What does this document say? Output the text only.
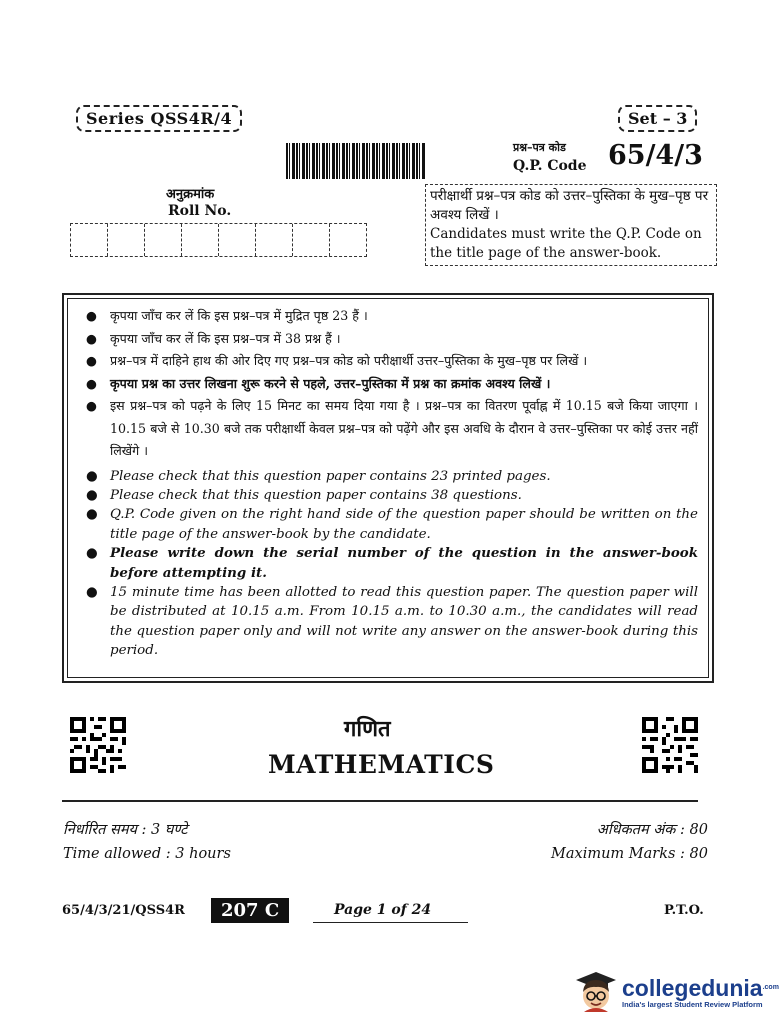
Series QSS4R/4	Set – 3
प्रश्न–पत्र कोड
Q.P. Code 65/4/3
अनुक्रमांक
Roll No.
परीक्षार्थी प्रश्न–पत्र कोड को उत्तर–पुस्तिका के मुख–पृष्ठ पर अवश्य लिखें ।
Candidates must write the Q.P. Code on the title page of the answer-book.
● कृपया जाँच कर लें कि इस प्रश्न–पत्र में मुद्रित पृष्ठ 23 हैं ।
● कृपया जाँच कर लें कि इस प्रश्न–पत्र में 38 प्रश्न हैं ।
● प्रश्न–पत्र में दाहिने हाथ की ओर दिए गए प्रश्न–पत्र कोड को परीक्षार्थी उत्तर–पुस्तिका के मुख–पृष्ठ पर लिखें ।
● कृपया प्रश्न का उत्तर लिखना शुरू करने से पहले, उत्तर–पुस्तिका में प्रश्न का क्रमांक अवश्य लिखें ।
● इस प्रश्न–पत्र को पढ़ने के लिए 15 मिनट का समय दिया गया है । प्रश्न–पत्र का वितरण पूर्वाह्न में 10.15 बजे किया जाएगा । 10.15 बजे से 10.30 बजे तक परीक्षार्थी केवल प्रश्न–पत्र को पढ़ेंगे और इस अवधि के दौरान वे उत्तर–पुस्तिका पर कोई उत्तर नहीं लिखेंगे ।
● Please check that this question paper contains 23 printed pages.
● Please check that this question paper contains 38 questions.
● Q.P. Code given on the right hand side of the question paper should be written on the title page of the answer-book by the candidate.
● Please write down the serial number of the question in the answer-book before attempting it.
● 15 minute time has been allotted to read this question paper. The question paper will be distributed at 10.15 a.m. From 10.15 a.m. to 10.30 a.m., the candidates will read the question paper only and will not write any answer on the answer-book during this period.
गणित
MATHEMATICS
निर्धारित समय : 3 घण्टे
Time allowed : 3 hours
अधिकतम अंक : 80
Maximum Marks : 80
65/4/3/21/QSS4R	207 C	Page 1 of 24	P.T.O.
collegedunia$^{.com}$
India's largest Student Review Platform
